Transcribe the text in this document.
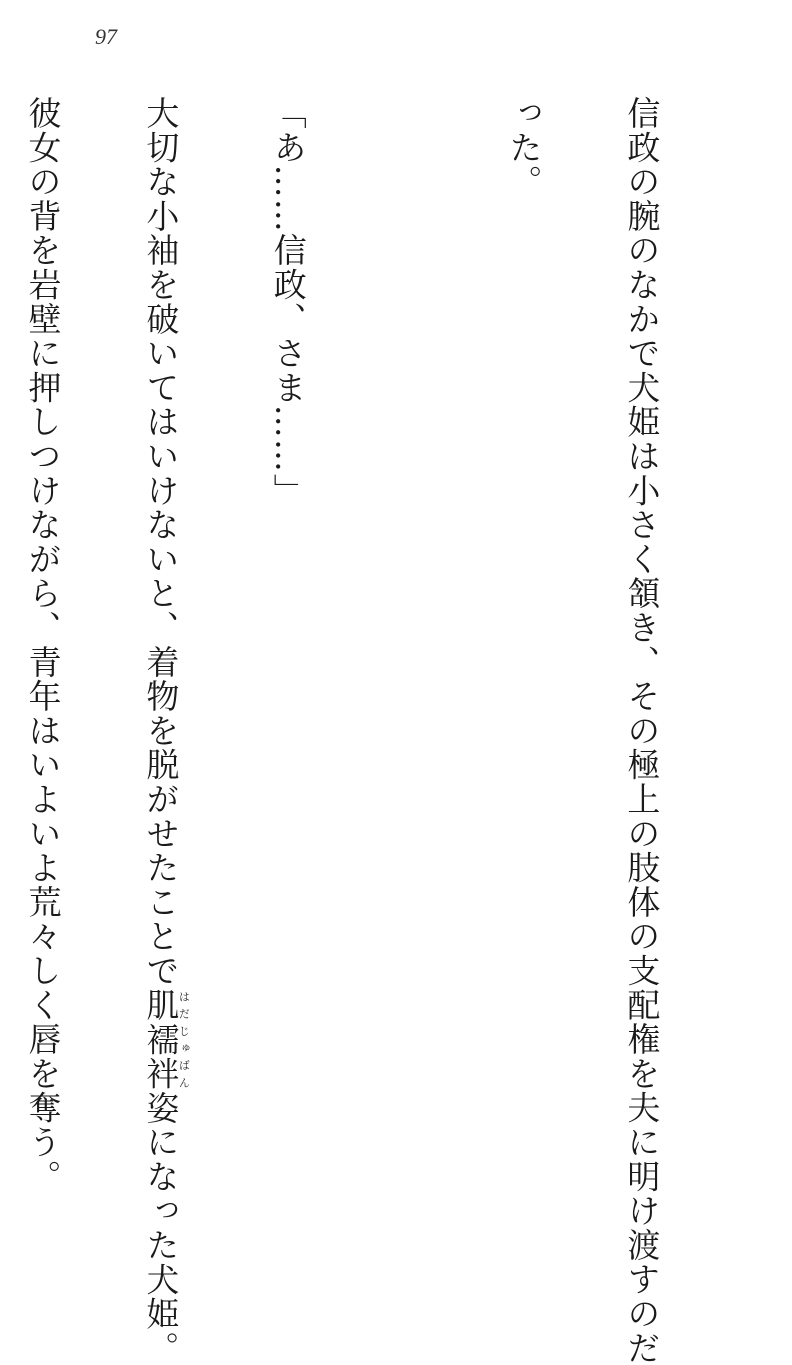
97

信政の腕のなかで犬姫は小さく頷き、その極上の肢体の支配権を夫に明け渡すのだ

った。

「あ……信政、さま……」

大切な小袖を破いてはいけないと、着物を脱がせたことで肌襦袢はだじゅばん姿になった犬姫。

彼女の背を岩壁に押しつけながら、青年はいよいよ荒々しく唇を奪う。
